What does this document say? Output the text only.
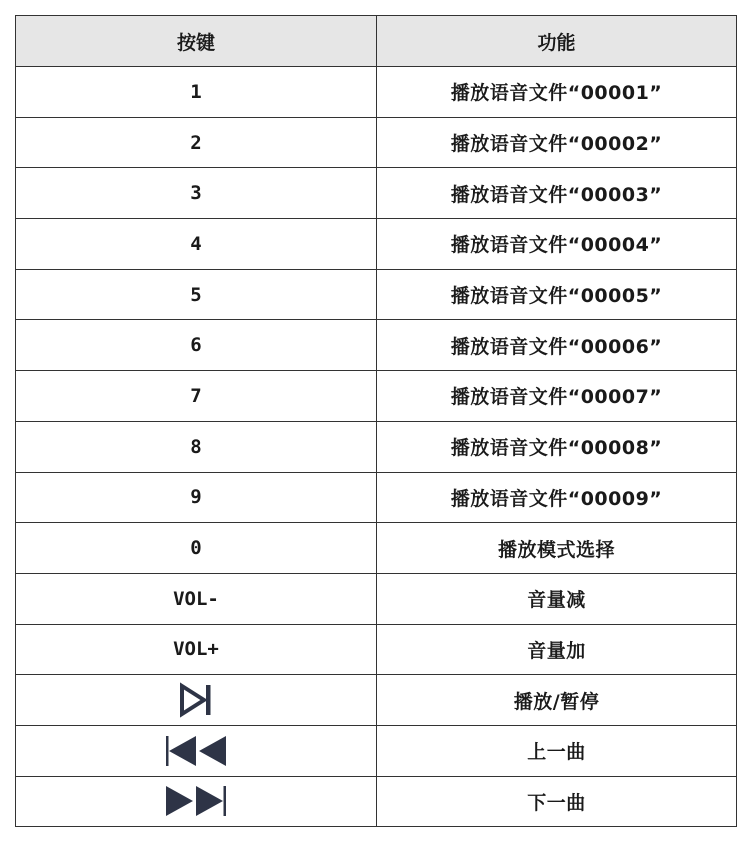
按键	功能
1	播放语音文件“00001”
2	播放语音文件“00002”
3	播放语音文件“00003”
4	播放语音文件“00004”
5	播放语音文件“00005”
6	播放语音文件“00006”
7	播放语音文件“00007”
8	播放语音文件“00008”
9	播放语音文件“00009”
0	播放模式选择
VOL-	音量减
VOL+	音量加

	播放/暂停

	上一曲

	下一曲
